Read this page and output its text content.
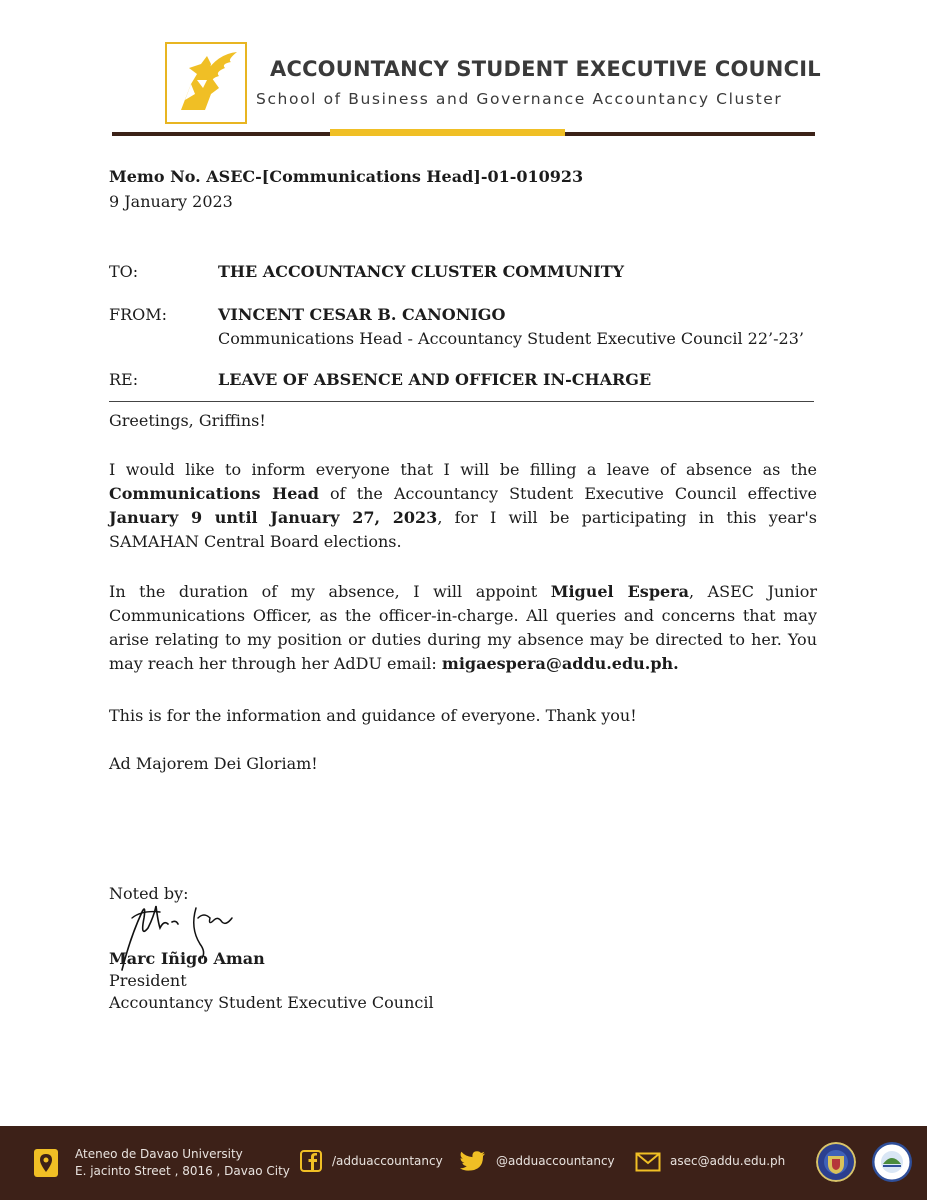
ACCOUNTANCY STUDENT EXECUTIVE COUNCIL
School of Business and Governance Accountancy Cluster
Memo No. ASEC-[Communications Head]-01-010923
9 January 2023
TO:	THE ACCOUNTANCY CLUSTER COMMUNITY
FROM:	VINCENT CESAR B. CANONIGO
Communications Head - Accountancy Student Executive Council 22’-23’
RE:	LEAVE OF ABSENCE AND OFFICER IN-CHARGE

Greetings, Griffins!

I would like to inform everyone that I will be filling a leave of absence as the Communications Head of the Accountancy Student Executive Council effective January 9 until January 27, 2023, for I will be participating in this year's SAMAHAN Central Board elections.

In the duration of my absence, I will appoint Miguel Espera, ASEC Junior Communications Officer, as the officer-in-charge. All queries and concerns that may arise relating to my position or duties during my absence may be directed to her. You may reach her through her AdDU email: migaespera@addu.edu.ph.

This is for the information and guidance of everyone. Thank you!

Ad Majorem Dei Gloriam!

Noted by:
Marc Iñigo Aman
President
Accountancy Student Executive Council
Ateneo de Davao University
E. jacinto Street , 8016 , Davao City
/adduaccountancy	@adduaccountancy	asec@addu.edu.ph
